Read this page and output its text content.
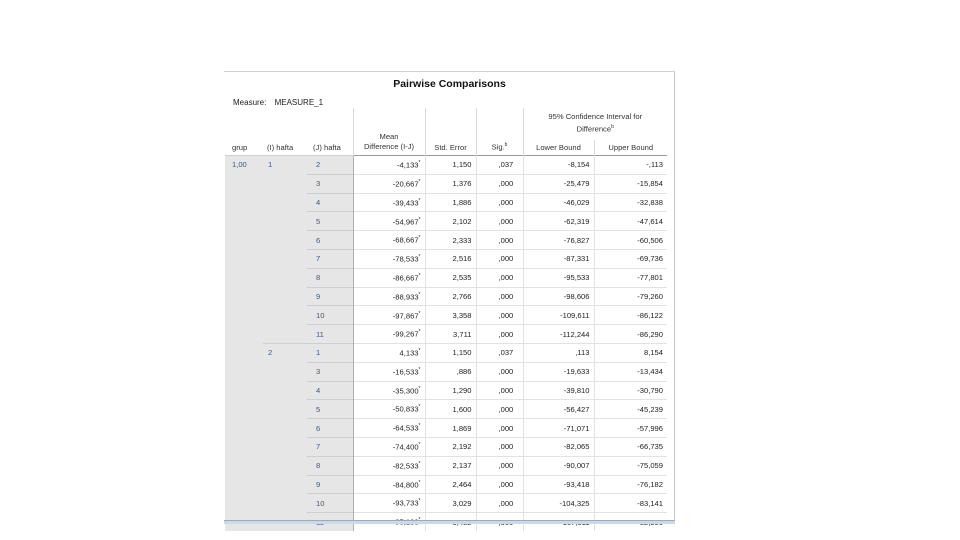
Pairwise Comparisons
Measure: MEASURE_1
grup	(I) hafta	(J) hafta	Mean Difference (I-J)	Std. Error	Sig.$^b$	95% Confidence Interval for Difference$^b$

						Lower Bound	Upper Bound
1,00	1	2	-4,133*	1,150	,037	-8,154	-,113
		3	-20,667*	1,376	,000	-25,479	-15,854
		4	-39,433*	1,886	,000	-46,029	-32,838
		5	-54,967*	2,102	,000	-62,319	-47,614
		6	-68,667*	2,333	,000	-76,827	-60,506
		7	-78,533*	2,516	,000	-87,331	-69,736
		8	-86,667*	2,535	,000	-95,533	-77,801
		9	-88,933*	2,766	,000	-98,606	-79,260
		10	-97,867*	3,358	,000	-109,611	-86,122
		11	-99,267*	3,711	,000	-112,244	-86,290
	2	1	4,133*	1,150	,037	,113	8,154
		3	-16,533*	,886	,000	-19,633	-13,434
		4	-35,300*	1,290	,000	-39,810	-30,790
		5	-50,833*	1,600	,000	-56,427	-45,239
		6	-64,533*	1,869	,000	-71,071	-57,996
		7	-74,400*	2,192	,000	-82,065	-66,735
		8	-82,533*	2,137	,000	-90,007	-75,059
		9	-84,800*	2,464	,000	-93,418	-76,182
		10	-93,733*	3,029	,000	-104,325	-83,141
